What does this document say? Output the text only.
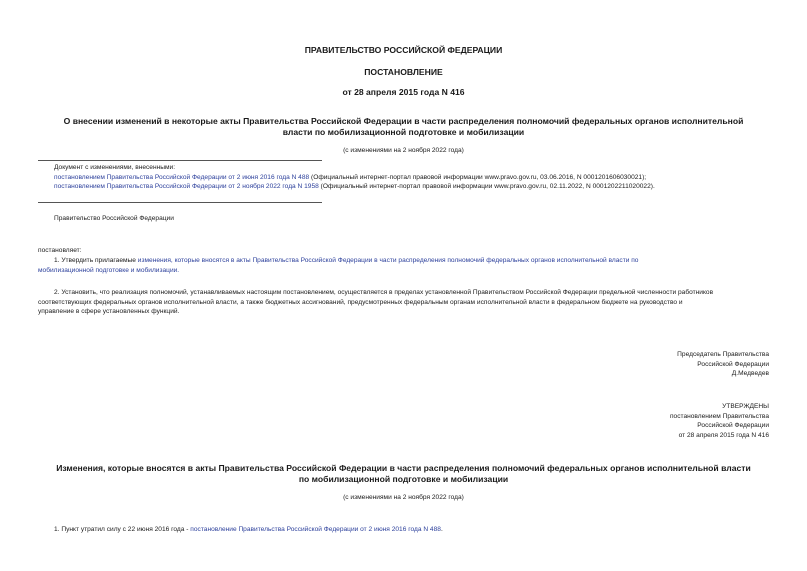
ПРАВИТЕЛЬСТВО РОССИЙСКОЙ ФЕДЕРАЦИИ
ПОСТАНОВЛЕНИЕ
от 28 апреля 2015 года N 416
О внесении изменений в некоторые акты Правительства Российской Федерации в части распределения полномочий федеральных органов исполнительной
власти по мобилизационной подготовке и мобилизации
(с изменениями на 2 ноября 2022 года)
Документ с изменениями, внесенными:
постановлением Правительства Российской Федерации от 2 июня 2016 года N 488 (Официальный интернет-портал правовой информации www.pravo.gov.ru, 03.06.2016, N 0001201606030021);
постановлением Правительства Российской Федерации от 2 ноября 2022 года N 1958 (Официальный интернет-портал правовой информации www.pravo.gov.ru, 02.11.2022, N 0001202211020022).
Правительство Российской Федерации
постановляет:
1. Утвердить прилагаемые изменения, которые вносятся в акты Правительства Российской Федерации в части распределения полномочий федеральных органов исполнительной власти по
мобилизационной подготовке и мобилизации.
2. Установить, что реализация полномочий, устанавливаемых настоящим постановлением, осуществляется в пределах установленной Правительством Российской Федерации предельной численности работников
соответствующих федеральных органов исполнительной власти, а также бюджетных ассигнований, предусмотренных федеральным органам исполнительной власти в федеральном бюджете на руководство и
управление в сфере установленных функций.
Председатель Правительства
Российской Федерации
Д.Медведев
УТВЕРЖДЕНЫ
постановлением Правительства
Российской Федерации
от 28 апреля 2015 года N 416
Изменения, которые вносятся в акты Правительства Российской Федерации в части распределения полномочий федеральных органов исполнительной власти
по мобилизационной подготовке и мобилизации
(с изменениями на 2 ноября 2022 года)
1. Пункт утратил силу с 22 июня 2016 года - постановление Правительства Российской Федерации от 2 июня 2016 года N 488.
